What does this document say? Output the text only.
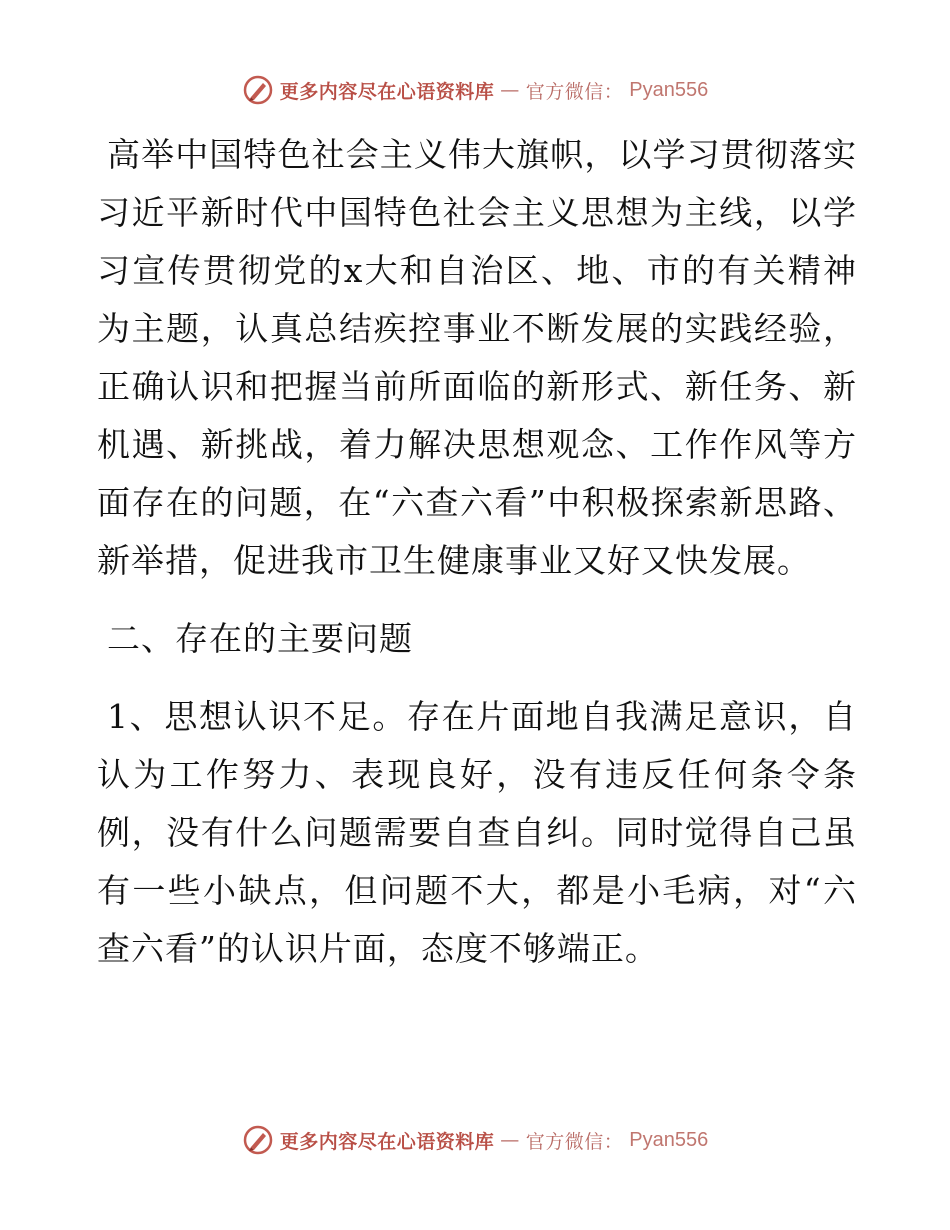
更多内容尽在心语资料库 — 官方微信： Pyan556

高举中国特色社会主义伟大旗帜，以学习贯彻落实习近平新时代中国特色社会主义思想为主线，以学习宣传贯彻党的x大和自治区、地、市的有关精神为主题，认真总结疾控事业不断发展的实践经验，正确认识和把握当前所面临的新形式、新任务、新机遇、新挑战，着力解决思想观念、工作作风等方面存在的问题，在“六查六看”中积极探索新思路、新举措，促进我市卫生健康事业又好又快发展。

二、存在的主要问题

1、思想认识不足。存在片面地自我满足意识，自认为工作努力、表现良好，没有违反任何条令条例，没有什么问题需要自查自纠。同时觉得自己虽有一些小缺点，但问题不大，都是小毛病，对“六查六看”的认识片面，态度不够端正。

更多内容尽在心语资料库 — 官方微信： Pyan556
